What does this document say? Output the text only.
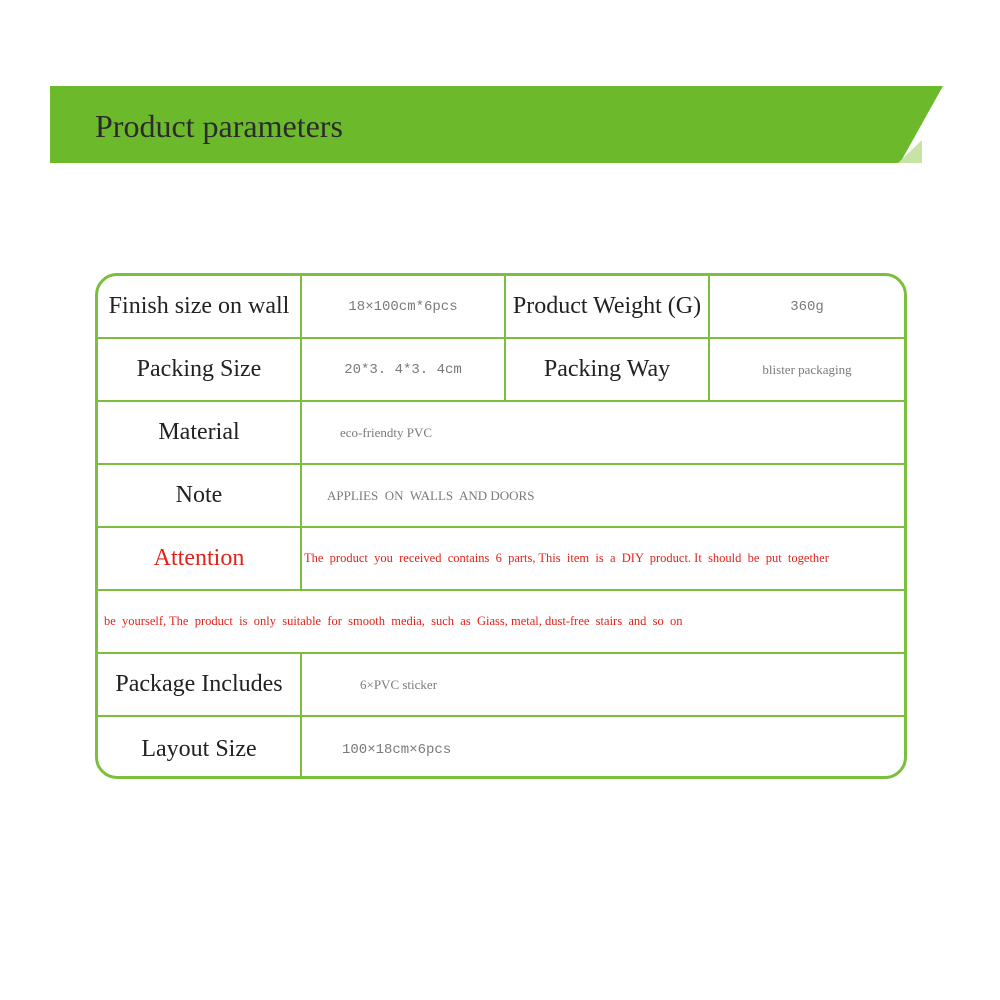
Product parameters
Finish size on wall	18×100cm*6pcs	Product Weight (G)	360g
Packing Size	20*3. 4*3. 4cm	Packing Way	blister packaging
Material	eco-friendty PVC
Note	APPLIES  ON  WALLS  AND DOORS
Attention	The  product  you  received  contains  6  parts, This  item  is  a  DIY  product. It  should  be  put  together
be  yourself, The  product  is  only  suitable  for  smooth  media,  such  as  Giass, metal, dust-free  stairs  and  so  on
Package Includes	6×PVC sticker
Layout Size	100×18cm×6pcs
